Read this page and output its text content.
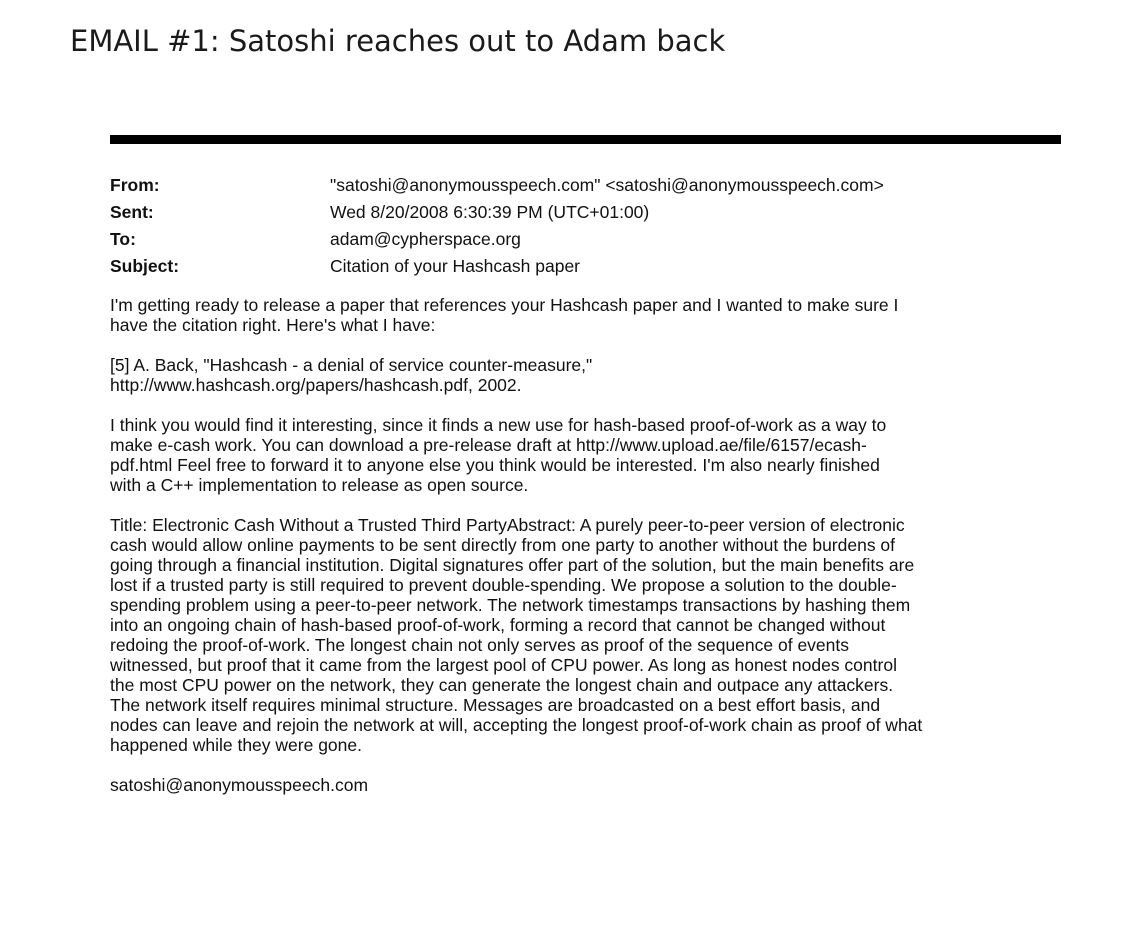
EMAIL #1: Satoshi reaches out to Adam back
From:	"satoshi@anonymousspeech.com" <satoshi@anonymousspeech.com>
Sent:	Wed 8/20/2008 6:30:39 PM (UTC+01:00)
To:	adam@cypherspace.org
Subject:	Citation of your Hashcash paper

I'm getting ready to release a paper that references your Hashcash paper and I wanted to make sure I
have the citation right. Here's what I have:

[5] A. Back, "Hashcash - a denial of service counter-measure,"
http://www.hashcash.org/papers/hashcash.pdf, 2002.

I think you would find it interesting, since it finds a new use for hash-based proof-of-work as a way to
make e-cash work. You can download a pre-release draft at http://www.upload.ae/file/6157/ecash-
pdf.html Feel free to forward it to anyone else you think would be interested. I'm also nearly finished
with a C++ implementation to release as open source.

Title: Electronic Cash Without a Trusted Third PartyAbstract: A purely peer-to-peer version of electronic
cash would allow online payments to be sent directly from one party to another without the burdens of
going through a financial institution. Digital signatures offer part of the solution, but the main benefits are
lost if a trusted party is still required to prevent double-spending. We propose a solution to the double-
spending problem using a peer-to-peer network. The network timestamps transactions by hashing them
into an ongoing chain of hash-based proof-of-work, forming a record that cannot be changed without
redoing the proof-of-work. The longest chain not only serves as proof of the sequence of events
witnessed, but proof that it came from the largest pool of CPU power. As long as honest nodes control
the most CPU power on the network, they can generate the longest chain and outpace any attackers.
The network itself requires minimal structure. Messages are broadcasted on a best effort basis, and
nodes can leave and rejoin the network at will, accepting the longest proof-of-work chain as proof of what
happened while they were gone.

satoshi@anonymousspeech.com
